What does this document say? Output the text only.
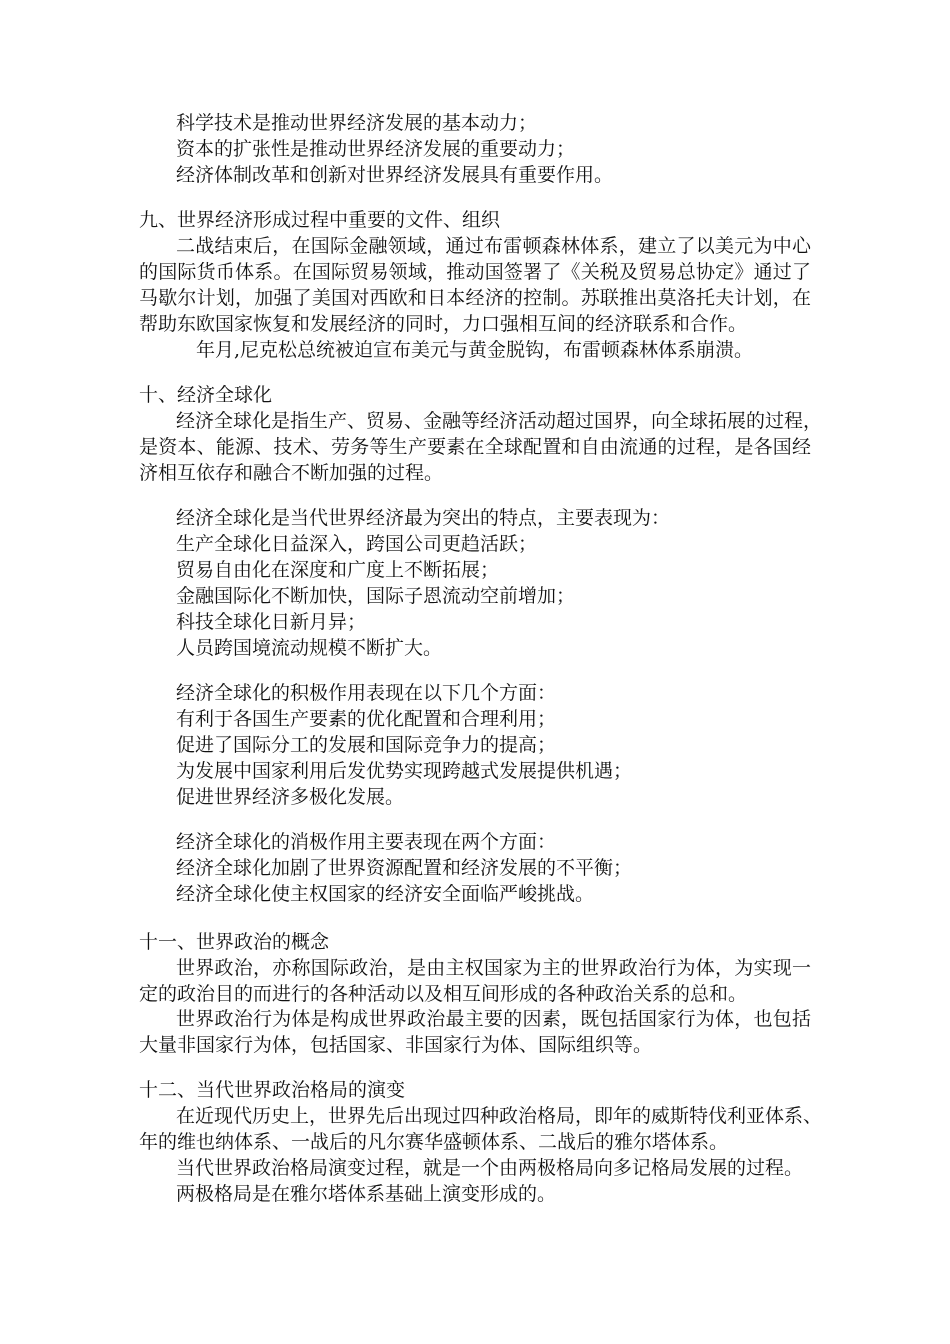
科学技术是推动世界经济发展的基本动力；
资本的扩张性是推动世界经济发展的重要动力；
经济体制改革和创新对世界经济发展具有重要作用。
九、世界经济形成过程中重要的文件、组织
二战结束后，在国际金融领域，通过布雷顿森林体系，建立了以美元为中心
的国际货币体系。在国际贸易领域，推动国签署了《关税及贸易总协定》通过了
马歇尔计划，加强了美国对西欧和日本经济的控制。苏联推出莫洛托夫计划，在
帮助东欧国家恢复和发展经济的同时，力口强相互间的经济联系和合作。
年月,尼克松总统被迫宣布美元与黄金脱钩，布雷顿森林体系崩溃。
十、经济全球化
经济全球化是指生产、贸易、金融等经济活动超过国界，向全球拓展的过程，
是资本、能源、技术、劳务等生产要素在全球配置和自由流通的过程，是各国经
济相互依存和融合不断加强的过程。
经济全球化是当代世界经济最为突出的特点，主要表现为：
生产全球化日益深入，跨国公司更趋活跃；
贸易自由化在深度和广度上不断拓展；
金融国际化不断加快，国际子恩流动空前增加；
科技全球化日新月异；
人员跨国境流动规模不断扩大。
经济全球化的积极作用表现在以下几个方面：
有利于各国生产要素的优化配置和合理利用；
促进了国际分工的发展和国际竞争力的提高；
为发展中国家利用后发优势实现跨越式发展提供机遇；
促进世界经济多极化发展。
经济全球化的消极作用主要表现在两个方面：
经济全球化加剧了世界资源配置和经济发展的不平衡；
经济全球化使主权国家的经济安全面临严峻挑战。
十一、世界政治的概念
世界政治，亦称国际政治，是由主权国家为主的世界政治行为体，为实现一
定的政治目的而进行的各种活动以及相互间形成的各种政治关系的总和。
世界政治行为体是构成世界政治最主要的因素，既包括国家行为体，也包括
大量非国家行为体，包括国家、非国家行为体、国际组织等。
十二、当代世界政治格局的演变
在近现代历史上，世界先后出现过四种政治格局，即年的威斯特伐利亚体系、
年的维也纳体系、一战后的凡尔赛华盛顿体系、二战后的雅尔塔体系。
当代世界政治格局演变过程，就是一个由两极格局向多记格局发展的过程。
两极格局是在雅尔塔体系基础上演变形成的。
